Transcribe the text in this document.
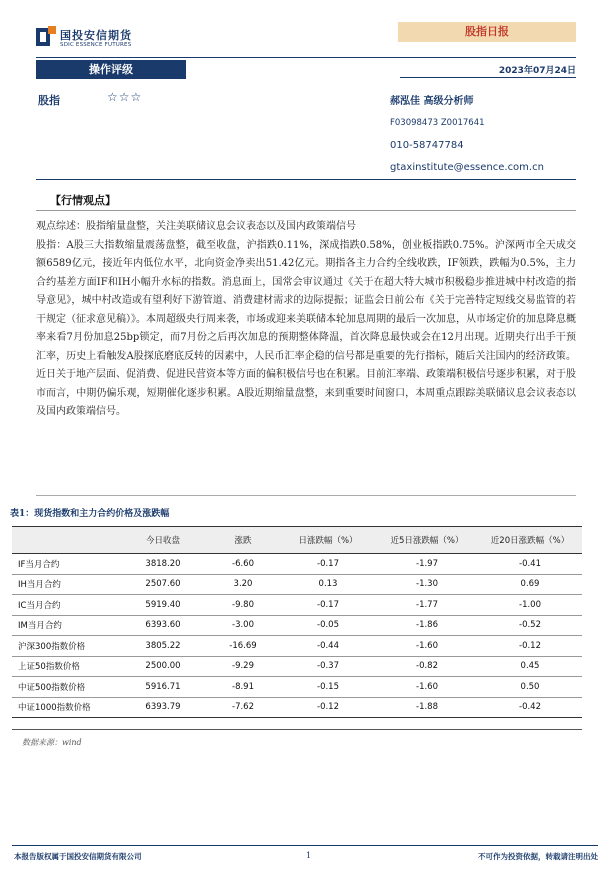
国投安信期货
SDIC ESSENCE FUTURES
股指日报
操作评级	2023年07月24日
股指	☆☆☆	郝泓佳 高级分析师
F03098473 Z0017641
010-58747784
gtaxinstitute@essence.com.cn
【行情观点】

观点综述：股指缩量盘整，关注美联储议息会议表态以及国内政策端信号

股指：A股三大指数缩量震荡盘整，截至收盘，沪指跌0.11%，深成指跌0.58%，创业板指跌0.75%。沪深两市全天成交额6589亿元，接近年内低位水平，北向资金净卖出51.42亿元。期指各主力合约全线收跌，IF领跌，跌幅为0.5%，主力合约基差方面IF和IH小幅升水标的指数。消息面上，国常会审议通过《关于在超大特大城市积极稳步推进城中村改造的指导意见》，城中村改造或有望利好下游管道、消费建材需求的边际提振；证监会日前公布《关于完善特定短线交易监管的若干规定（征求意见稿）》。本周超级央行周来袭，市场或迎来美联储本轮加息周期的最后一次加息，从市场定价的加息降息概率来看7月份加息25bp锁定，而7月份之后再次加息的预期整体降温，首次降息最快或会在12月出现。近期央行出手干预汇率，历史上看触发A股探底磨底反转的因素中，人民币汇率企稳的信号都是重要的先行指标，随后关注国内的经济政策。近日关于地产层面、促消费、促进民营资本等方面的偏积极信号也在积累。目前汇率端、政策端积极信号逐步积累，对于股市而言，中期仍偏乐观，短期催化逐步积累。A股近期缩量盘整，来到重要时间窗口，本周重点跟踪美联储议息会议表态以及国内政策端信号。

表1：现货指数和主力合约价格及涨跌幅
	今日收盘	涨跌	日涨跌幅（%）	近5日涨跌幅（%）	近20日涨跌幅（%）
IF当月合约	3818.20	-6.60	-0.17	-1.97	-0.41
IH当月合约	2507.60	3.20	0.13	-1.30	0.69
IC当月合约	5919.40	-9.80	-0.17	-1.77	-1.00
IM当月合约	6393.60	-3.00	-0.05	-1.86	-0.52
沪深300指数价格	3805.22	-16.69	-0.44	-1.60	-0.12
上证50指数价格	2500.00	-9.29	-0.37	-0.82	0.45
中证500指数价格	5916.71	-8.91	-0.15	-1.60	0.50
中证1000指数价格	6393.79	-7.62	-0.12	-1.88	-0.42
数据来源：wind
本报告版权属于国投安信期货有限公司	1	不可作为投资依据，转载请注明出处
